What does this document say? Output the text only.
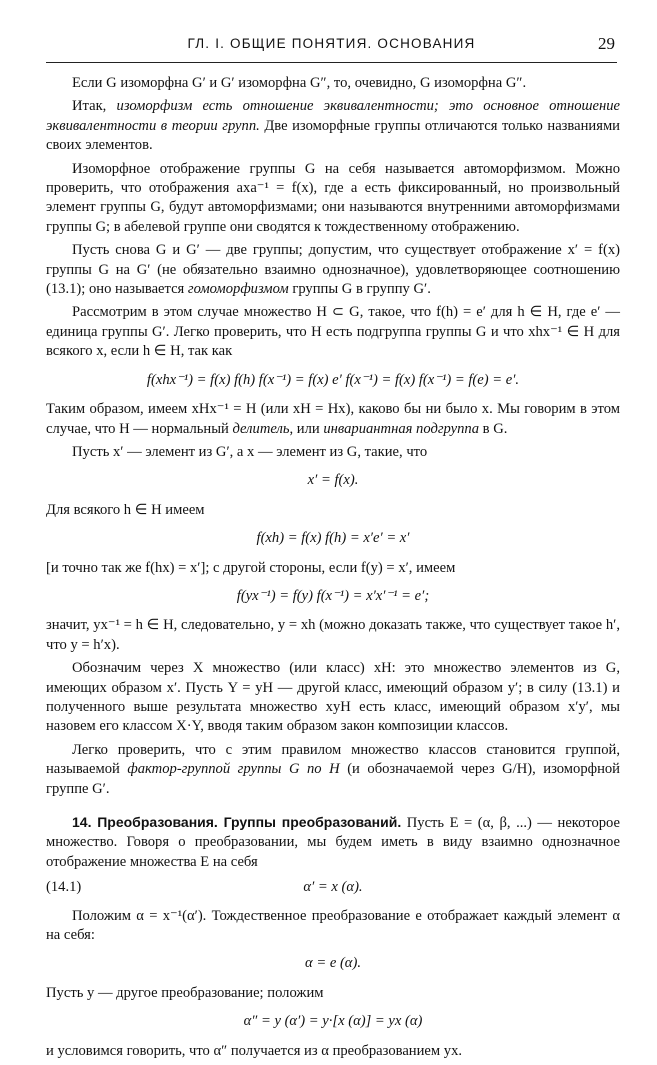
ГЛ. I. ОБЩИЕ ПОНЯТИЯ. ОСНОВАНИЯ	29

Если G изоморфна G′ и G′ изоморфна G″, то, очевидно, G изоморфна G″.

Итак, изоморфизм есть отношение эквивалентности; это основное отношение эквивалентности в теории групп. Две изоморфные группы отличаются только названиями своих элементов.

Изоморфное отображение группы G на себя называется автоморфизмом. Можно проверить, что отображения axa⁻¹ = f(x), где a есть фиксированный, но произвольный элемент группы G, будут автоморфизмами; они называются внутренними автоморфизмами группы G; в абелевой группе они сводятся к тождественному отображению.

Пусть снова G и G′ — две группы; допустим, что существует отображение x′ = f(x) группы G на G′ (не обязательно взаимно однозначное), удовлетворяющее соотношению (13.1); оно называется гомоморфизмом группы G в группу G′.

Рассмотрим в этом случае множество H ⊂ G, такое, что f(h) = e′ для h ∈ H, где e′ — единица группы G′. Легко проверить, что H есть подгруппа группы G и что xhx⁻¹ ∈ H для всякого x, если h ∈ H, так как

f(xhx⁻¹) = f(x) f(h) f(x⁻¹) = f(x) e′ f(x⁻¹) = f(x) f(x⁻¹) = f(e) = e′.

Таким образом, имеем xHx⁻¹ = H (или xH = Hx), каково бы ни было x. Мы говорим в этом случае, что H — нормальный делитель, или инвариантная подгруппа в G.

Пусть x′ — элемент из G′, а x — элемент из G, такие, что

x′ = f(x).

Для всякого h ∈ H имеем

f(xh) = f(x) f(h) = x′e′ = x′

[и точно так же f(hx) = x′]; с другой стороны, если f(y) = x′, имеем

f(yx⁻¹) = f(y) f(x⁻¹) = x′x′⁻¹ = e′;

значит, yx⁻¹ = h ∈ H, следовательно, y = xh (можно доказать также, что существует такое h′, что y = h′x).

Обозначим через X множество (или класс) xH: это множество элементов из G, имеющих образом x′. Пусть Y = yH — другой класс, имеющий образом y′; в силу (13.1) и полученного выше результата множество xyH есть класс, имеющий образом x′y′, мы назовем его классом X·Y, вводя таким образом закон композиции классов.

Легко проверить, что с этим правилом множество классов становится группой, называемой фактор-группой группы G по H (и обозначаемой через G/H), изоморфной группе G′.

14. Преобразования. Группы преобразований. Пусть E = (α, β, ...) — некоторое множество. Говоря о преобразовании, мы будем иметь в виду взаимно однозначное отображение множества E на себя

(14.1)	α′ = x (α).

Положим α = x⁻¹(α′). Тождественное преобразование e отображает каждый элемент α на себя:

α = e (α).

Пусть y — другое преобразование; положим

α″ = y (α′) = y·[x (α)] = yx (α)

и условимся говорить, что α″ получается из α преобразованием yx.
